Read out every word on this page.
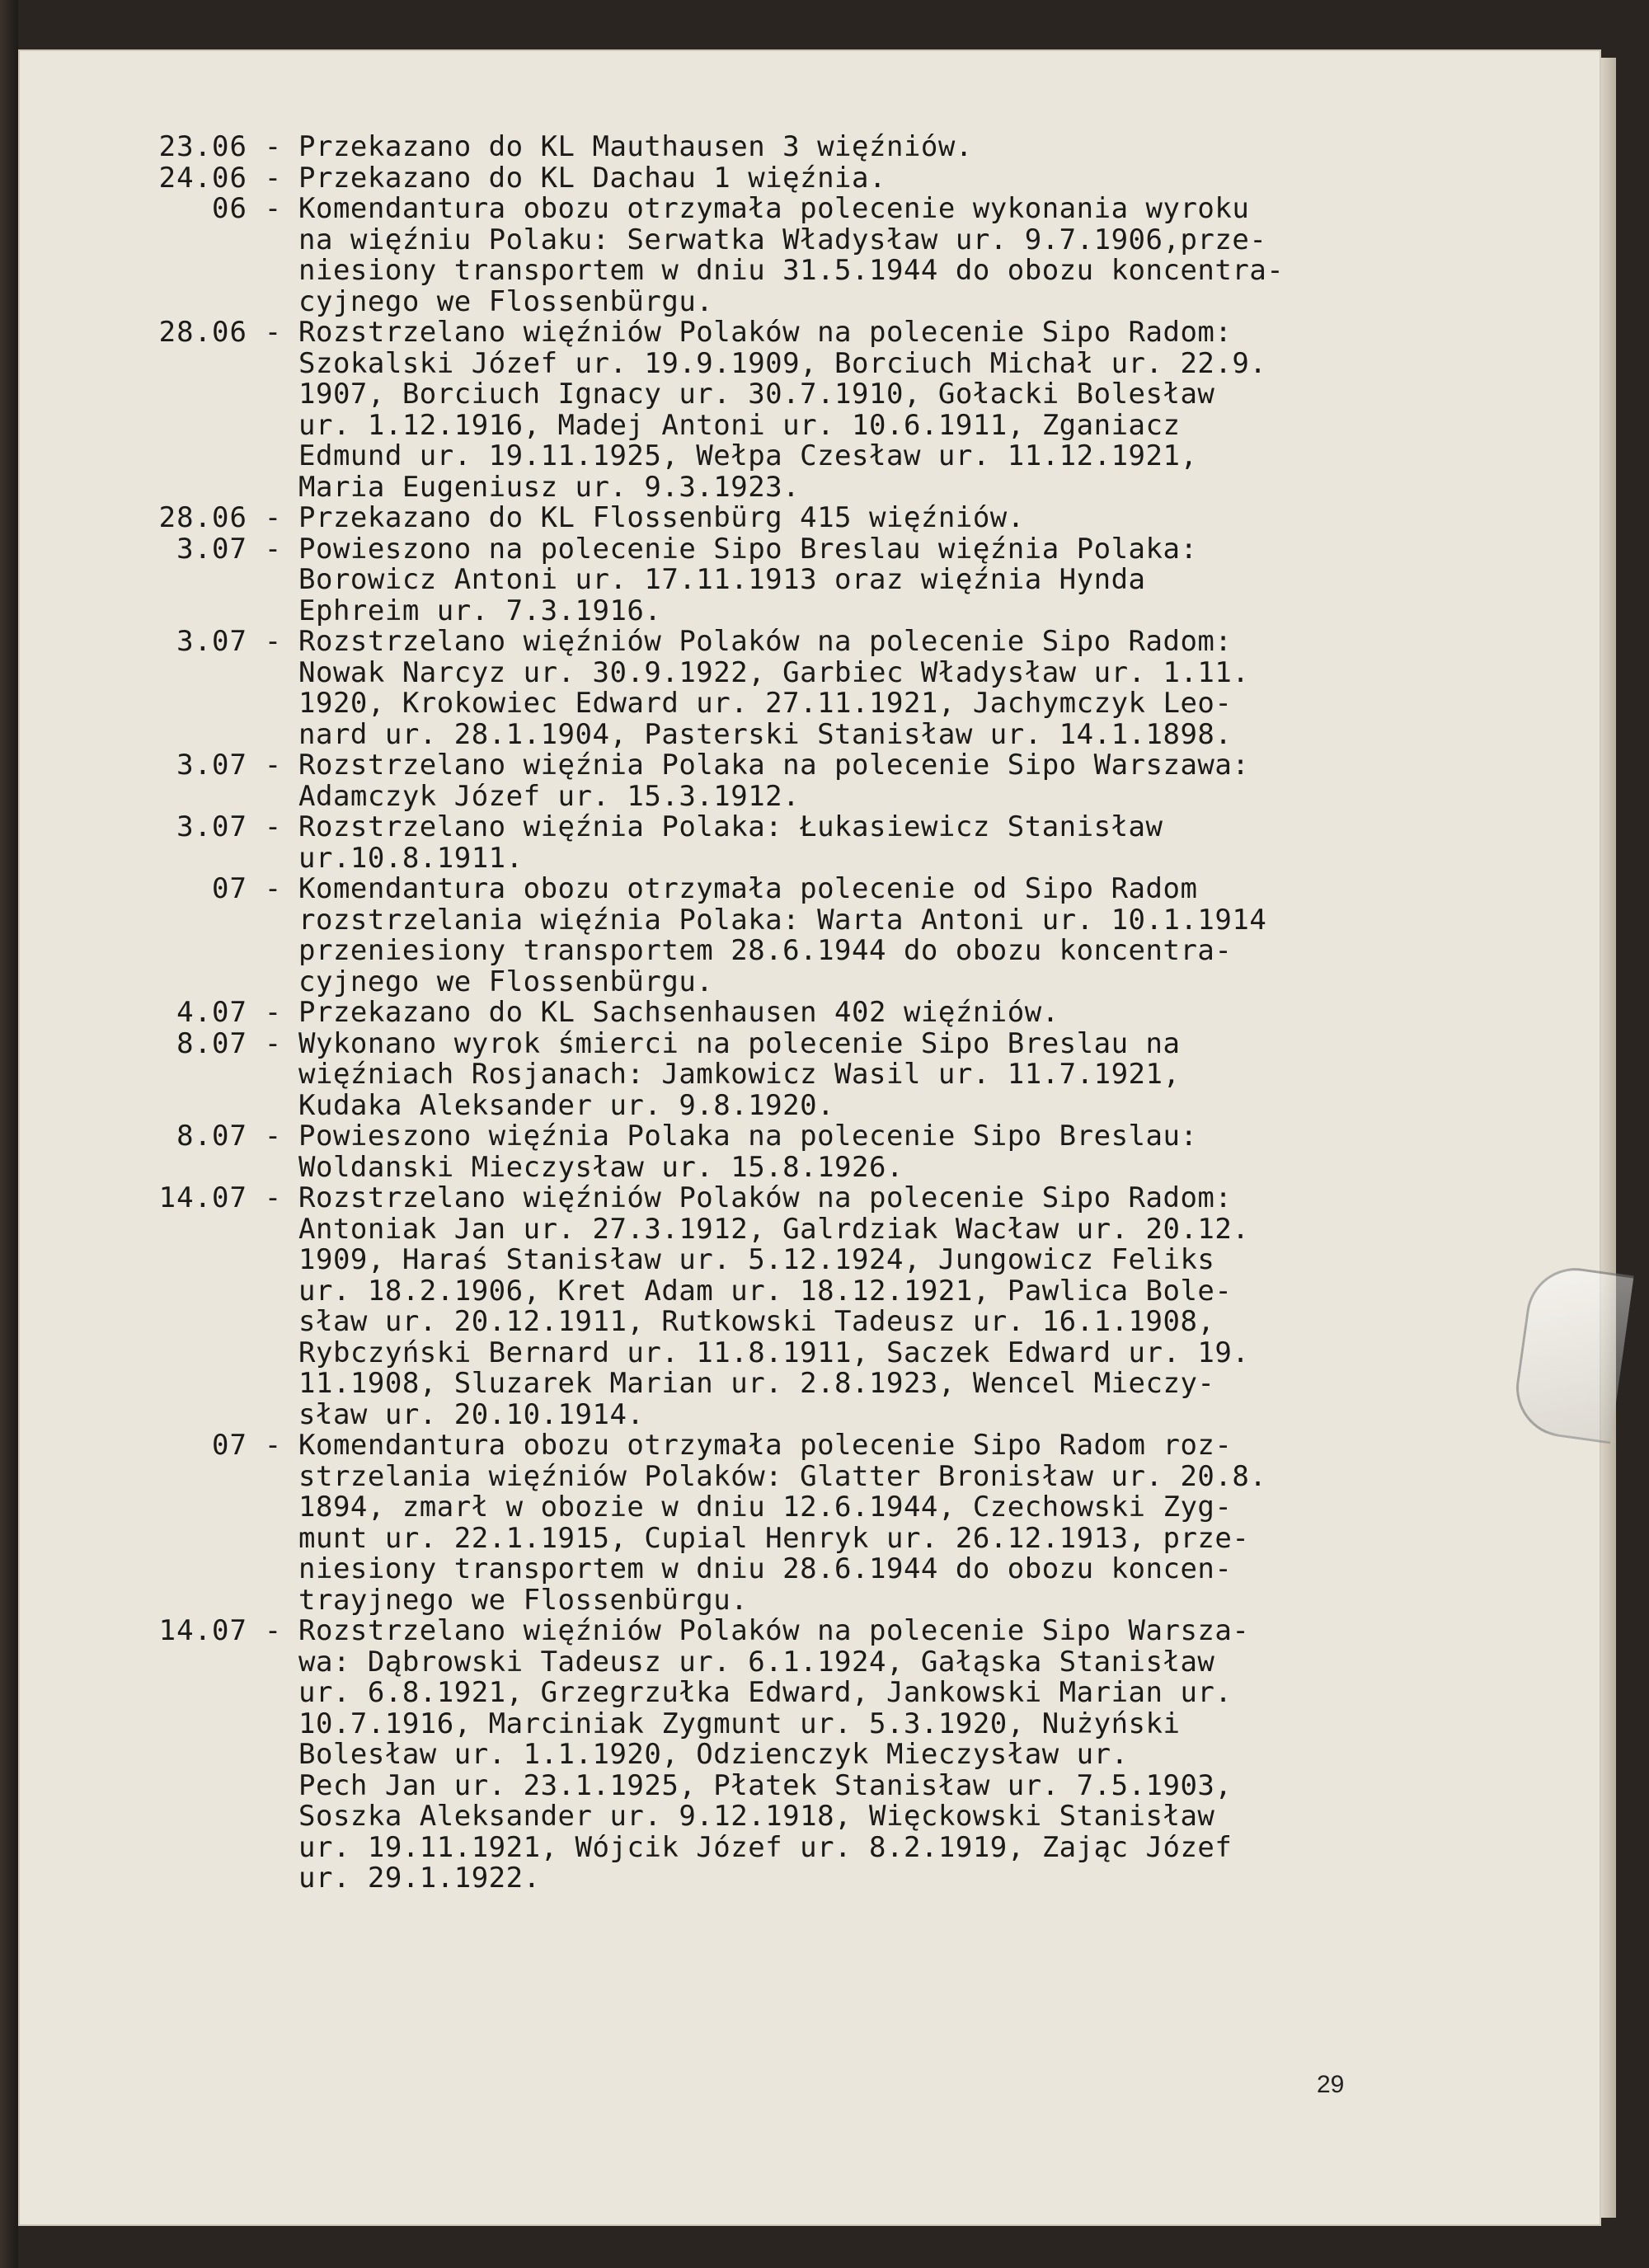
23.06 - Przekazano do KL Mauthausen 3 więźniów.
24.06 - Przekazano do KL Dachau 1 więźnia.
06 - Komendantura obozu otrzymała polecenie wykonania wyroku
na więźniu Polaku: Serwatka Władysław ur. 9.7.1906,prze-
niesiony transportem w dniu 31.5.1944 do obozu koncentra-
cyjnego we Flossenbürgu.
28.06 - Rozstrzelano więźniów Polaków na polecenie Sipo Radom:
Szokalski Józef ur. 19.9.1909, Borciuch Michał ur. 22.9.
1907, Borciuch Ignacy ur. 30.7.1910, Gołacki Bolesław
ur. 1.12.1916, Madej Antoni ur. 10.6.1911, Zganiacz
Edmund ur. 19.11.1925, Wełpa Czesław ur. 11.12.1921,
Maria Eugeniusz ur. 9.3.1923.
28.06 - Przekazano do KL Flossenbürg 415 więźniów.
3.07 - Powieszono na polecenie Sipo Breslau więźnia Polaka:
Borowicz Antoni ur. 17.11.1913 oraz więźnia Hynda
Ephreim ur. 7.3.1916.
3.07 - Rozstrzelano więźniów Polaków na polecenie Sipo Radom:
Nowak Narcyz ur. 30.9.1922, Garbiec Władysław ur. 1.11.
1920, Krokowiec Edward ur. 27.11.1921, Jachymczyk Leo-
nard ur. 28.1.1904, Pasterski Stanisław ur. 14.1.1898.
3.07 - Rozstrzelano więźnia Polaka na polecenie Sipo Warszawa:
Adamczyk Józef ur. 15.3.1912.
3.07 - Rozstrzelano więźnia Polaka: Łukasiewicz Stanisław
ur.10.8.1911.
07 - Komendantura obozu otrzymała polecenie od Sipo Radom
rozstrzelania więźnia Polaka: Warta Antoni ur. 10.1.1914
przeniesiony transportem 28.6.1944 do obozu koncentra-
cyjnego we Flossenbürgu.
4.07 - Przekazano do KL Sachsenhausen 402 więźniów.
8.07 - Wykonano wyrok śmierci na polecenie Sipo Breslau na
więźniach Rosjanach: Jamkowicz Wasil ur. 11.7.1921,
Kudaka Aleksander ur. 9.8.1920.
8.07 - Powieszono więźnia Polaka na polecenie Sipo Breslau:
Woldanski Mieczysław ur. 15.8.1926.
14.07 - Rozstrzelano więźniów Polaków na polecenie Sipo Radom:
Antoniak Jan ur. 27.3.1912, Galrdziak Wacław ur. 20.12.
1909, Haraś Stanisław ur. 5.12.1924, Jungowicz Feliks
ur. 18.2.1906, Kret Adam ur. 18.12.1921, Pawlica Bole-
sław ur. 20.12.1911, Rutkowski Tadeusz ur. 16.1.1908,
Rybczyński Bernard ur. 11.8.1911, Saczek Edward ur. 19.
11.1908, Sluzarek Marian ur. 2.8.1923, Wencel Mieczy-
sław ur. 20.10.1914.
07 - Komendantura obozu otrzymała polecenie Sipo Radom roz-
strzelania więźniów Polaków: Glatter Bronisław ur. 20.8.
1894, zmarł w obozie w dniu 12.6.1944, Czechowski Zyg-
munt ur. 22.1.1915, Cupial Henryk ur. 26.12.1913, prze-
niesiony transportem w dniu 28.6.1944 do obozu koncen-
trayjnego we Flossenbürgu.
14.07 - Rozstrzelano więźniów Polaków na polecenie Sipo Warsza-
wa: Dąbrowski Tadeusz ur. 6.1.1924, Gałąska Stanisław
ur. 6.8.1921, Grzegrzułka Edward, Jankowski Marian ur.
10.7.1916, Marciniak Zygmunt ur. 5.3.1920, Nużyński
Bolesław ur. 1.1.1920, Odzienczyk Mieczysław ur.
Pech Jan ur. 23.1.1925, Płatek Stanisław ur. 7.5.1903,
Soszka Aleksander ur. 9.12.1918, Więckowski Stanisław
ur. 19.11.1921, Wójcik Józef ur. 8.2.1919, Zając Józef
ur. 29.1.1922.
29
